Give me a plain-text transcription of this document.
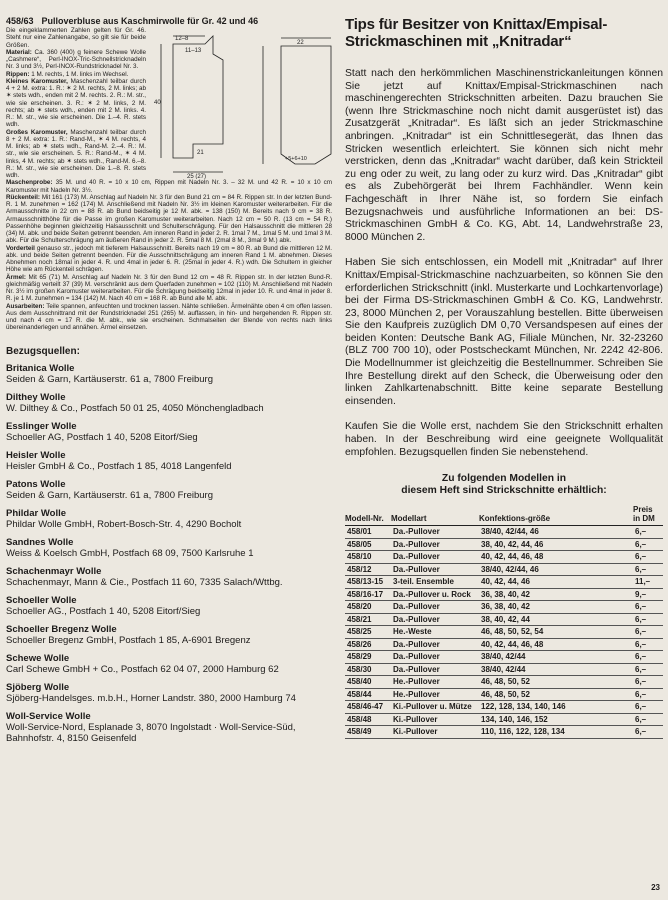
458/63 Pulloverbluse aus Kaschmirwolle für Gr. 42 und 46
12–8
11–13
40
22
21
25 (27)
+5+6+10

Die eingeklammerten Zahlen gelten für Gr. 46. Steht nur eine Zahlenangabe, so gilt sie für beide Größen.

Material: Ca. 360 (400) g feinere Schewe Wolle „Cashmere“, Perl-INOX-Tric-Schnellstricknadeln Nr. 3 und 3½, Perl-INOX-Rundstricknadel Nr. 3.

Rippen: 1 M. rechts, 1 M. links im Wechsel.

Kleines Karomuster, Maschenzahl teilbar durch 4 + 2 M. extra: 1. R.: ✶ 2 M. rechts, 2 M. links; ab ✶ stets wdh., enden mit 2 M. rechts. 2. R.: M. str., wie sie erscheinen. 3. R.: ✶ 2 M. links, 2 M. rechts; ab ✶ stets wdh., enden mit 2 M. links. 4. R.: M. str., wie sie erscheinen. Die 1.–4. R. stets wdh.

Großes Karomuster, Maschenzahl teilbar durch 8 + 2 M. extra: 1. R.: Rand-M., ✶ 4 M. rechts, 4 M. links; ab ✶ stets wdh., Rand-M. 2.–4. R.: M. str., wie sie erscheinen. 5. R.: Rand-M., ✶ 4 M. links, 4 M. rechts; ab ✶ stets wdh., Rand-M. 6.–8. R.: M. str., wie sie erscheinen. Die 1.–8. R. stets wdh.

Maschenprobe: 35 M. und 40 R. = 10 x 10 cm, Rippen mit Nadeln Nr. 3. – 32 M. und 42 R. = 10 x 10 cm Karomuster mit Nadeln Nr. 3½.

Rückenteil: Mit 161 (173) M. Anschlag auf Nadeln Nr. 3 für den Bund 21 cm = 84 R. Rippen str. In der letzten Bund-R. 1 M. zunehmen = 162 (174) M. Anschließend mit Nadeln Nr. 3½ im kleinen Karomuster weiterarbeiten. Für die Armausschnitte in 22 cm = 88 R. ab Bund beidseitig je 12 M. abk. = 138 (150) M. Bereits nach 9 cm = 38 R. Armausschnitthöhe für die Passe im großen Karomuster weiterarbeiten. Nach 12 cm = 50 R. (13 cm = 54 R.) Passenhöhe beginnen gleichzeitig Halsausschnitt und Schulterschrägung. Für den Halsausschnitt die mittleren 28 (34) M. abk. und beide Seiten getrennt beenden. Am inneren Rand in jeder 2. R. 1mal 7 M., 1mal 5 M. und 1mal 3 M. abk. Für die Schulterschrägung am äußeren Rand in jeder 2. R. 5mal 8 M. (2mal 8 M., 3mal 9 M.) abk.

Vorderteil genauso str., jedoch mit tieferem Halsausschnitt. Bereits nach 19 cm = 80 R. ab Bund die mittleren 12 M. abk. und beide Seiten getrennt beenden. Für die Ausschnittschrägung am inneren Rand 1 M. abnehmen. Dieses Abnehmen noch 18mal in jeder 4. R. und 4mal in jeder 6. R. (25mal in jeder 4. R.) wdh. Die Schultern in gleicher Höhe wie am Rückenteil schrägen.

Ärmel: Mit 65 (71) M. Anschlag auf Nadeln Nr. 3 für den Bund 12 cm = 48 R. Rippen str. In der letzten Bund-R. gleichmäßig verteilt 37 (39) M. verschränkt aus dem Querfaden zunehmen = 102 (110) M. Anschließend mit Nadeln Nr. 3½ im großen Karomuster weiterarbeiten. Für die Schrägung beidseitig 12mal in jeder 10. R. und 4mal in jeder 8. R. je 1 M. zunehmen = 134 (142) M. Nach 40 cm = 168 R. ab Bund alle M. abk.

Ausarbeiten: Teile spannen, anfeuchten und trocknen lassen. Nähte schließen. Ärmelnähte oben 4 cm offen lassen. Aus dem Ausschnittrand mit der Rundstricknadel 251 (265) M. auffassen, in hin- und hergehenden R. Rippen str. und nach 4 cm = 17 R. die M. abk., wie sie erscheinen. Schmalseiten der Blende von rechts nach links übereinanderlegen und annähen. Ärmel einsetzen.

Bezugsquellen:
Britanica Wolle
Seiden & Garn, Kartäuserstr. 61 a, 7800 Freiburg
Dilthey Wolle
W. Dilthey & Co., Postfach 50 01 25, 4050 Mönchengladbach
Esslinger Wolle
Schoeller AG, Postfach 1 40, 5208 Eitorf/Sieg
Heisler Wolle
Heisler GmbH & Co., Postfach 1 85, 4018 Langenfeld
Patons Wolle
Seiden & Garn, Kartäuserstr. 61 a, 7800 Freiburg
Phildar Wolle
Phildar Wolle GmbH, Robert-Bosch-Str. 4, 4290 Bocholt
Sandnes Wolle
Weiss & Koelsch GmbH, Postfach 68 09, 7500 Karlsruhe 1
Schachenmayr Wolle
Schachenmayr, Mann & Cie., Postfach 11 60, 7335 Salach/Wttbg.
Schoeller Wolle
Schoeller AG., Postfach 1 40, 5208 Eitorf/Sieg
Schoeller Bregenz Wolle
Schoeller Bregenz GmbH, Postfach 1 85, A-6901 Bregenz
Schewe Wolle
Carl Schewe GmbH + Co., Postfach 62 04 07, 2000 Hamburg 62
Sjöberg Wolle
Sjöberg-Handelsges. m.b.H., Horner Landstr. 380, 2000 Hamburg 74
Woll-Service Wolle
Woll-Service-Nord, Esplanade 3, 8070 Ingolstadt · Woll-Service-Süd, Bahnhofstr. 4, 8150 Geisenfeld
Tips für Besitzer von Knittax/Empisal-Strickmaschinen mit „Knitradar“

Statt nach den herkömmlichen Maschinenstrickanleitungen können Sie jetzt auf Knittax/Empisal-Strickmaschinen nach maschinengerechten Strickschnitten arbeiten. Dazu brauchen Sie (wenn Ihre Strickmaschine noch nicht damit ausgerüstet ist) das Zusatzgerät „Knitradar“. Es läßt sich an jeder Strickmaschine anbringen. „Knitradar“ ist ein Schnittlesegerät, das Ihnen das Stricken wesentlich erleichtert. Sie können sich nicht mehr verstricken, denn das „Knitradar“ wacht darüber, daß kein Strickteil zu eng oder zu weit, zu lang oder zu kurz wird. Das „Knitradar“ gibt es als Zubehörgerät bei Ihrem Fachhändler. Wenn kein Fachgeschäft in Ihrer Nähe ist, so fordern Sie einfach Bezugsnachweis und ausführliche Informationen an bei: DS-Strickmaschinen GmbH & Co. KG, Abt. 14, Landwehrstraße 23, 8000 München 2.

Haben Sie sich entschlossen, ein Modell mit „Knitradar“ auf Ihrer Knittax/Empisal-Strickmaschine nachzuarbeiten, so können Sie den erforderlichen Strickschnitt (inkl. Musterkarte und Lochkartenvorlage) bei der Firma DS-Strickmaschinen GmbH & Co. KG, Landwehrstr. 23, 8000 München 2, per Vorauszahlung bestellen. Bitte überweisen Sie den Kaufpreis zuzüglich DM 0,70 Versandspesen auf eines der beiden Konten: Deutsche Bank AG, Filiale München, Nr. 32-23260 (BLZ 700 700 10), oder Postscheckamt München, Nr. 2242 42-806. Die Modellnummer ist gleichzeitig die Bestellnummer. Schreiben Sie Ihre Bestellung direkt auf den Scheck, die Überweisung oder den linken Zahlkartenabschnitt. Bitte keine separate Bestellung einsenden.

Kaufen Sie die Wolle erst, nachdem Sie den Strickschnitt erhalten haben. In der Beschreibung wird eine geeignete Wollqualität empfohlen. Bezugsquellen finden Sie nebenstehend.

Zu folgenden Modellen in
diesem Heft sind Strickschnitte erhältlich:
Modell-Nr.	Modellart	Konfektions-größe	Preis in DM
458/01	Da.-Pullover	38/40, 42/44, 46	6,–
458/05	Da.-Pullover	38, 40, 42, 44, 46	6,–
458/10	Da.-Pullover	40, 42, 44, 46, 48	6,–
458/12	Da.-Pullover	38/40, 42/44, 46	6,–
458/13-15	3-teil. Ensemble	40, 42, 44, 46	11,–
458/16-17	Da.-Pullover u. Rock	36, 38, 40, 42	9,–
458/20	Da.-Pullover	36, 38, 40, 42	6,–
458/21	Da.-Pullover	38, 40, 42, 44	6,–
458/25	He.-Weste	46, 48, 50, 52, 54	6,–
458/26	Da.-Pullover	40, 42, 44, 46, 48	6,–
458/29	Da.-Pullover	38/40, 42/44	6,–
458/30	Da.-Pullover	38/40, 42/44	6,–
458/40	He.-Pullover	46, 48, 50, 52	6,–
458/44	He.-Pullover	46, 48, 50, 52	6,–
458/46-47	Ki.-Pullover u. Mütze	122, 128, 134, 140, 146	6,–
458/48	Ki.-Pullover	134, 140, 146, 152	6,–
458/49	Ki.-Pullover	110, 116, 122, 128, 134	6,–
23
